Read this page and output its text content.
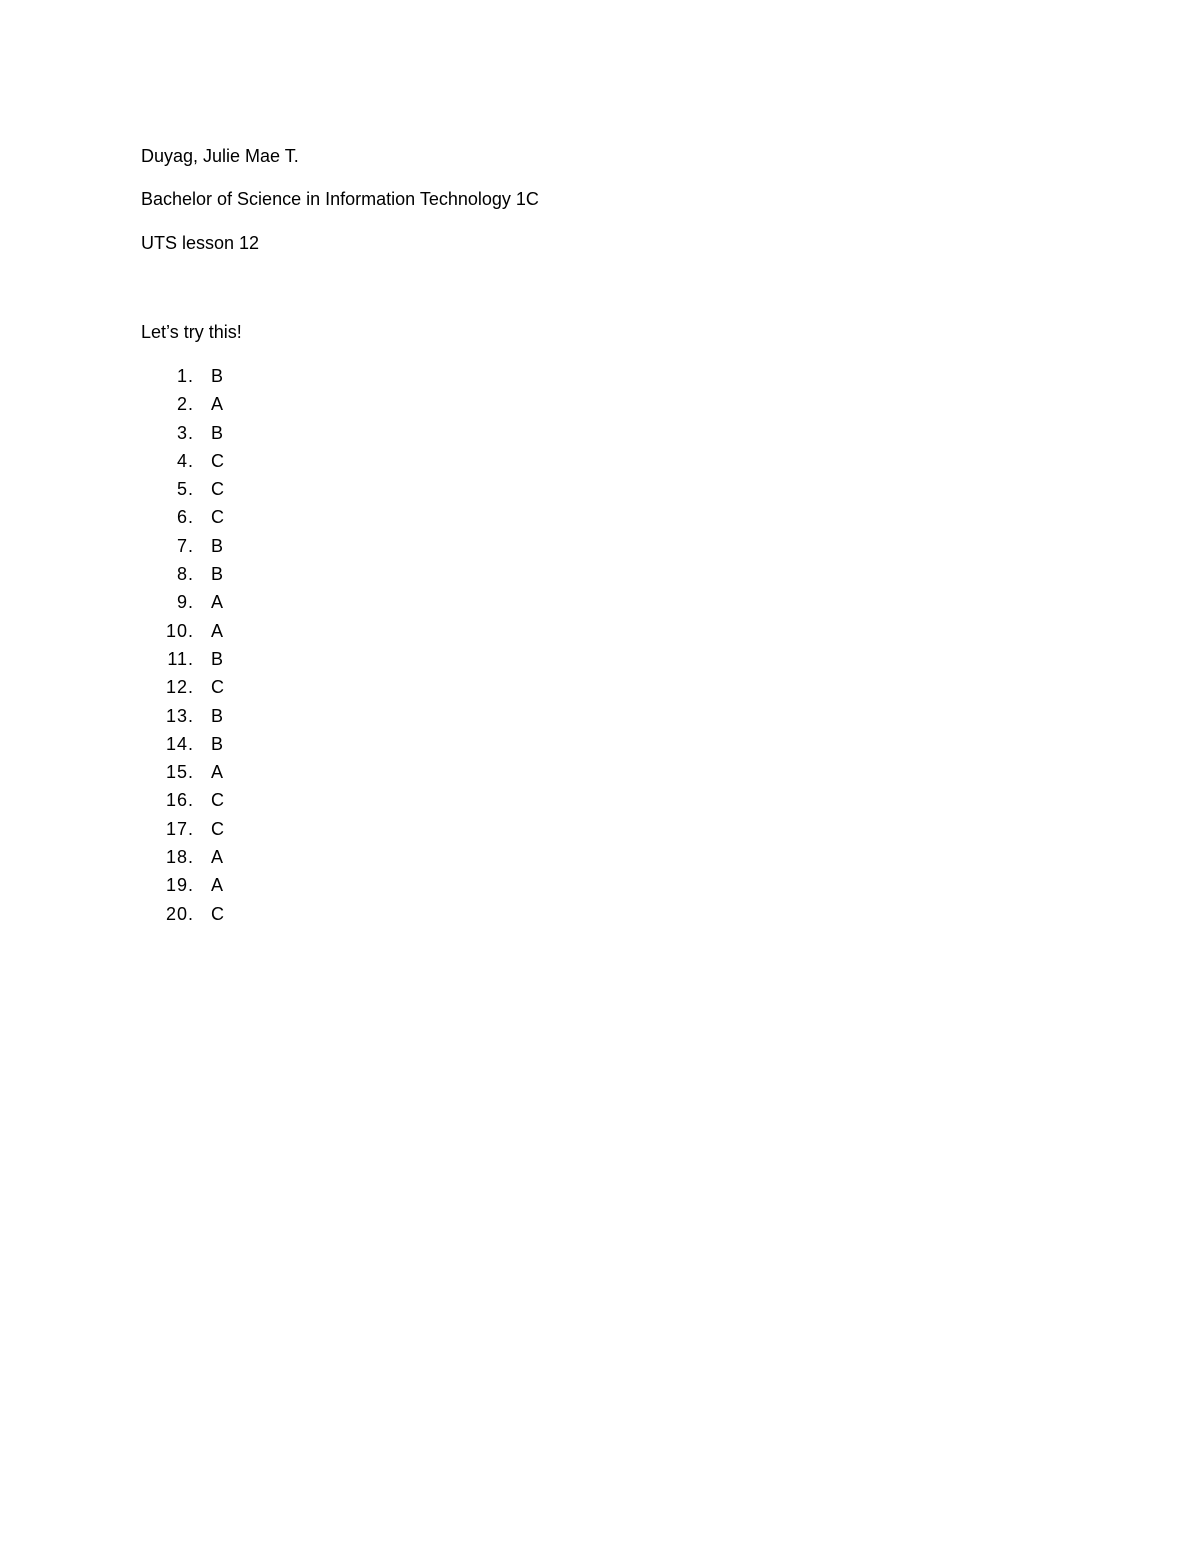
Duyag, Julie Mae T.
Bachelor of Science in Information Technology 1C
UTS lesson 12
Let’s try this!
1. B
2. A
3. B
4. C
5. C
6. C
7. B
8. B
9. A
10. A
11. B
12. C
13. B
14. B
15. A
16. C
17. C
18. A
19. A
20. C
